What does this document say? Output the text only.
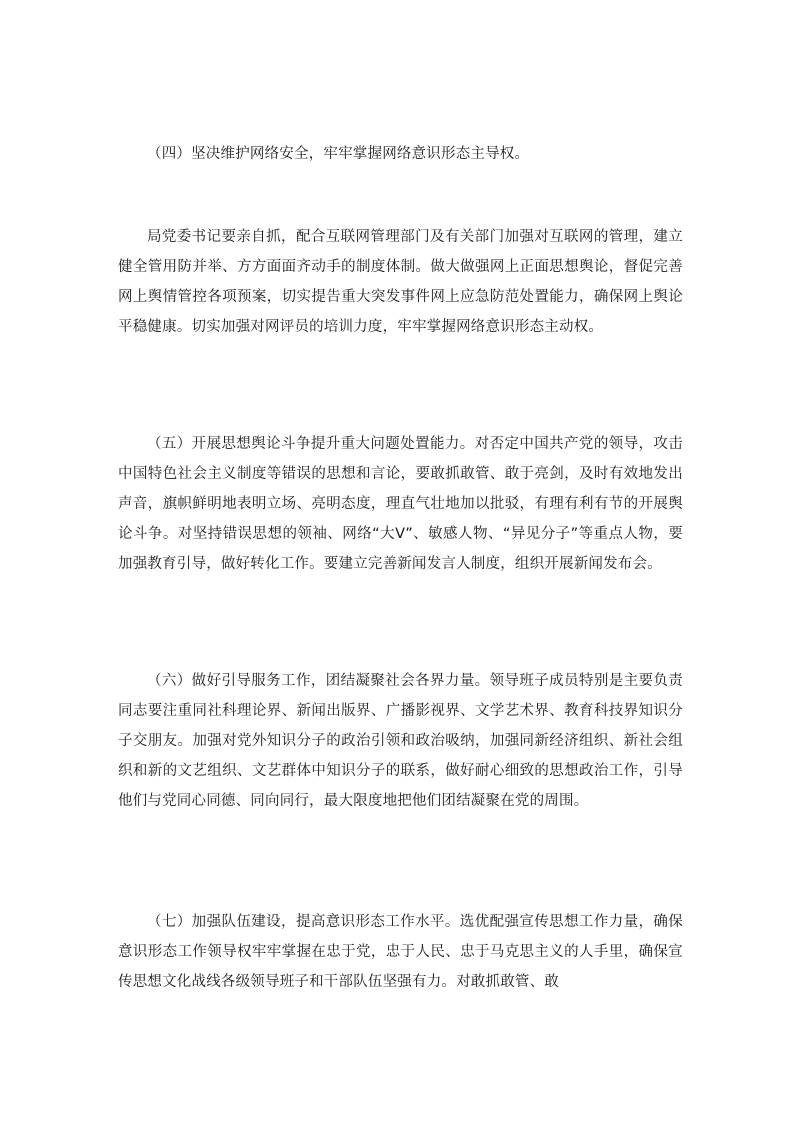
（四）坚决维护网络安全，牢牢掌握网络意识形态主导权。

局党委书记要亲自抓，配合互联网管理部门及有关部门加强对互联网的管理，建立健全管用防并举、方方面面齐动手的制度体制。做大做强网上正面思想舆论，督促完善网上舆情管控各项预案，切实提告重大突发事件网上应急防范处置能力，确保网上舆论平稳健康。切实加强对网评员的培训力度，牢牢掌握网络意识形态主动权。

（五）开展思想舆论斗争提升重大问题处置能力。对否定中国共产党的领导，攻击中国特色社会主义制度等错误的思想和言论，要敢抓敢管、敢于亮剑，及时有效地发出声音，旗帜鲜明地表明立场、亮明态度，理直气壮地加以批驳，有理有利有节的开展舆论斗争。对坚持错误思想的领袖、网络“大V”、敏感人物、“异见分子”等重点人物，要加强教育引导，做好转化工作。要建立完善新闻发言人制度，组织开展新闻发布会。

（六）做好引导服务工作，团结凝聚社会各界力量。领导班子成员特别是主要负责同志要注重同社科理论界、新闻出版界、广播影视界、文学艺术界、教育科技界知识分子交朋友。加强对党外知识分子的政治引领和政治吸纳，加强同新经济组织、新社会组织和新的文艺组织、文艺群体中知识分子的联系，做好耐心细致的思想政治工作，引导他们与党同心同德、同向同行，最大限度地把他们团结凝聚在党的周围。

（七）加强队伍建设，提高意识形态工作水平。选优配强宣传思想工作力量，确保意识形态工作领导权牢牢掌握在忠于党，忠于人民、忠于马克思主义的人手里，确保宣传思想文化战线各级领导班子和干部队伍坚强有力。对敢抓敢管、敢
